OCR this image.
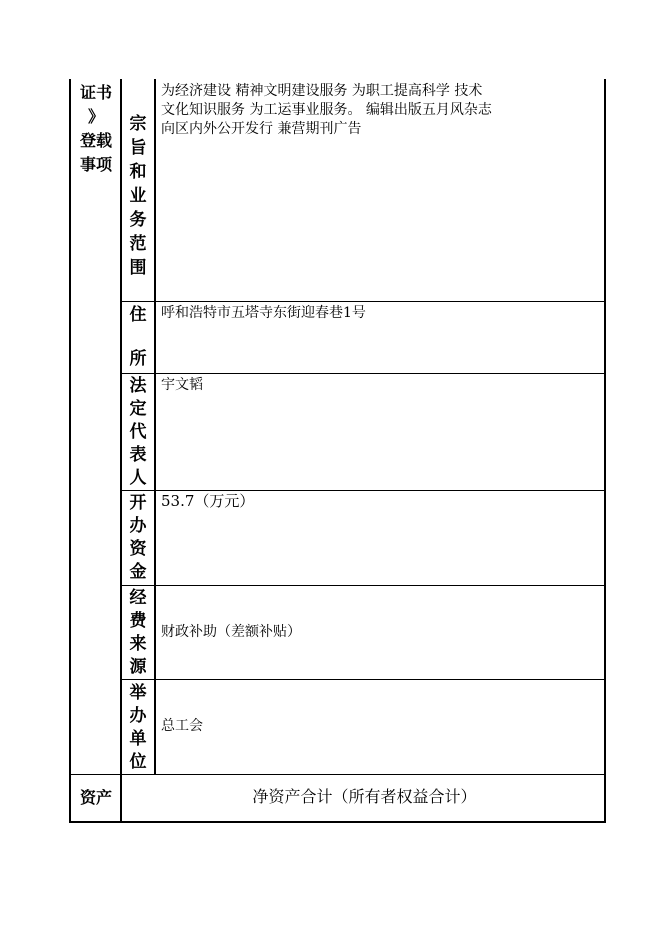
证书
》
登载
事项
宗
旨
和
业
务
范
围
为经济建设 精神文明建设服务 为职工提高科学 技术
文化知识服务 为工运事业服务。 编辑出版五月风杂志
向区内外公开发行 兼营期刊广告
住
所
呼和浩特市五塔寺东街迎春巷1号
法
定
代
表
人
宇文韬
开
办
资
金
53.7（万元）
经
费
来
源
财政补助（差额补贴）
举
办
单
位
总工会
资产	净资产合计（所有者权益合计）
